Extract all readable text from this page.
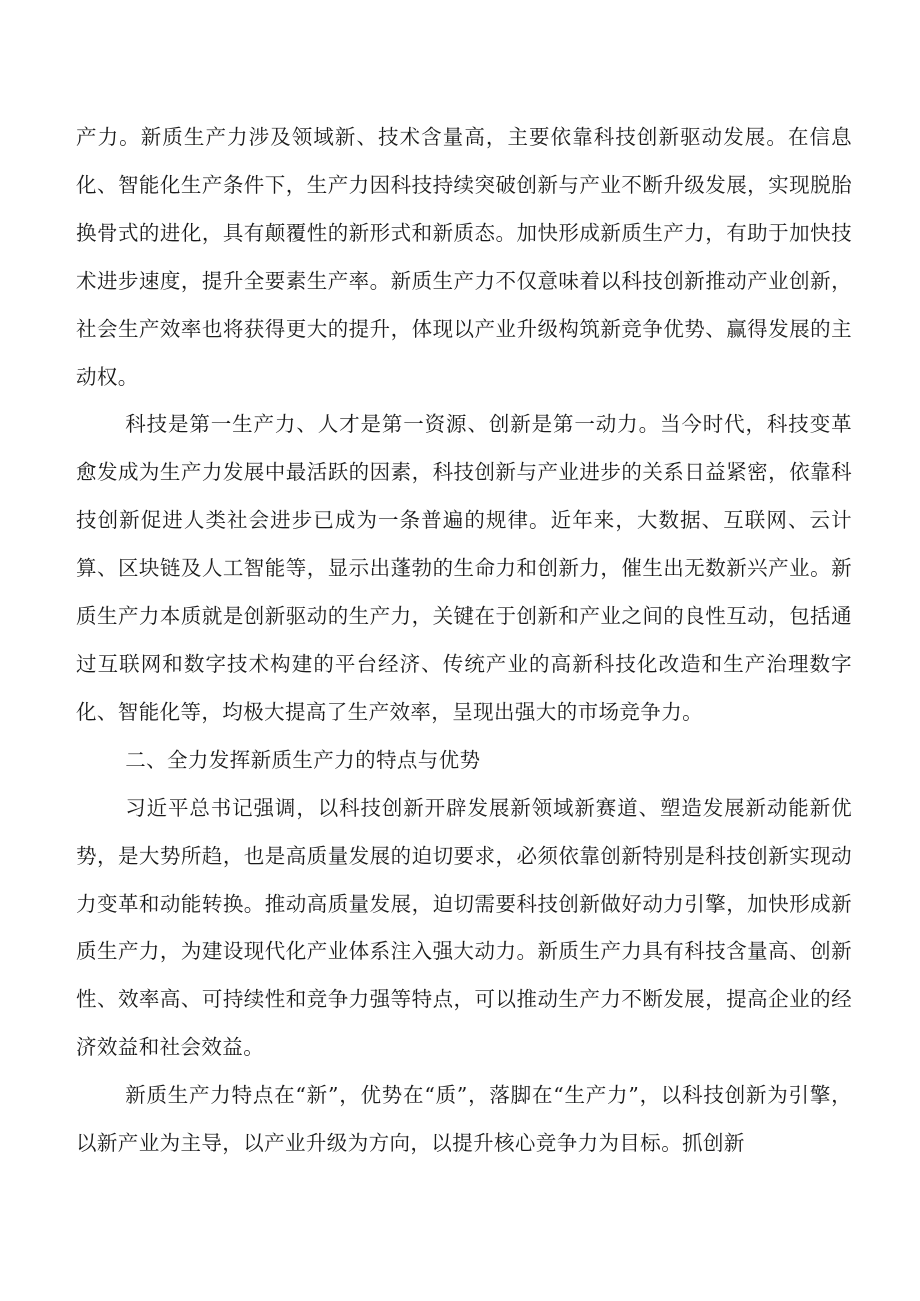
产力。新质生产力涉及领域新、技术含量高，主要依靠科技创新驱动发展。在信息化、智能化生产条件下，生产力因科技持续突破创新与产业不断升级发展，实现脱胎换骨式的进化，具有颠覆性的新形式和新质态。加快形成新质生产力，有助于加快技术进步速度，提升全要素生产率。新质生产力不仅意味着以科技创新推动产业创新，社会生产效率也将获得更大的提升，体现以产业升级构筑新竞争优势、赢得发展的主动权。

科技是第一生产力、人才是第一资源、创新是第一动力。当今时代，科技变革愈发成为生产力发展中最活跃的因素，科技创新与产业进步的关系日益紧密，依靠科技创新促进人类社会进步已成为一条普遍的规律。近年来，大数据、互联网、云计算、区块链及人工智能等，显示出蓬勃的生命力和创新力，催生出无数新兴产业。新质生产力本质就是创新驱动的生产力，关键在于创新和产业之间的良性互动，包括通过互联网和数字技术构建的平台经济、传统产业的高新科技化改造和生产治理数字化、智能化等，均极大提高了生产效率，呈现出强大的市场竞争力。

二、全力发挥新质生产力的特点与优势

习近平总书记强调，以科技创新开辟发展新领域新赛道、塑造发展新动能新优势，是大势所趋，也是高质量发展的迫切要求，必须依靠创新特别是科技创新实现动力变革和动能转换。推动高质量发展，迫切需要科技创新做好动力引擎，加快形成新质生产力，为建设现代化产业体系注入强大动力。新质生产力具有科技含量高、创新性、效率高、可持续性和竞争力强等特点，可以推动生产力不断发展，提高企业的经济效益和社会效益。

新质生产力特点在“新”，优势在“质”，落脚在“生产力”，以科技创新为引擎，以新产业为主导，以产业升级为方向，以提升核心竞争力为目标。抓创新
